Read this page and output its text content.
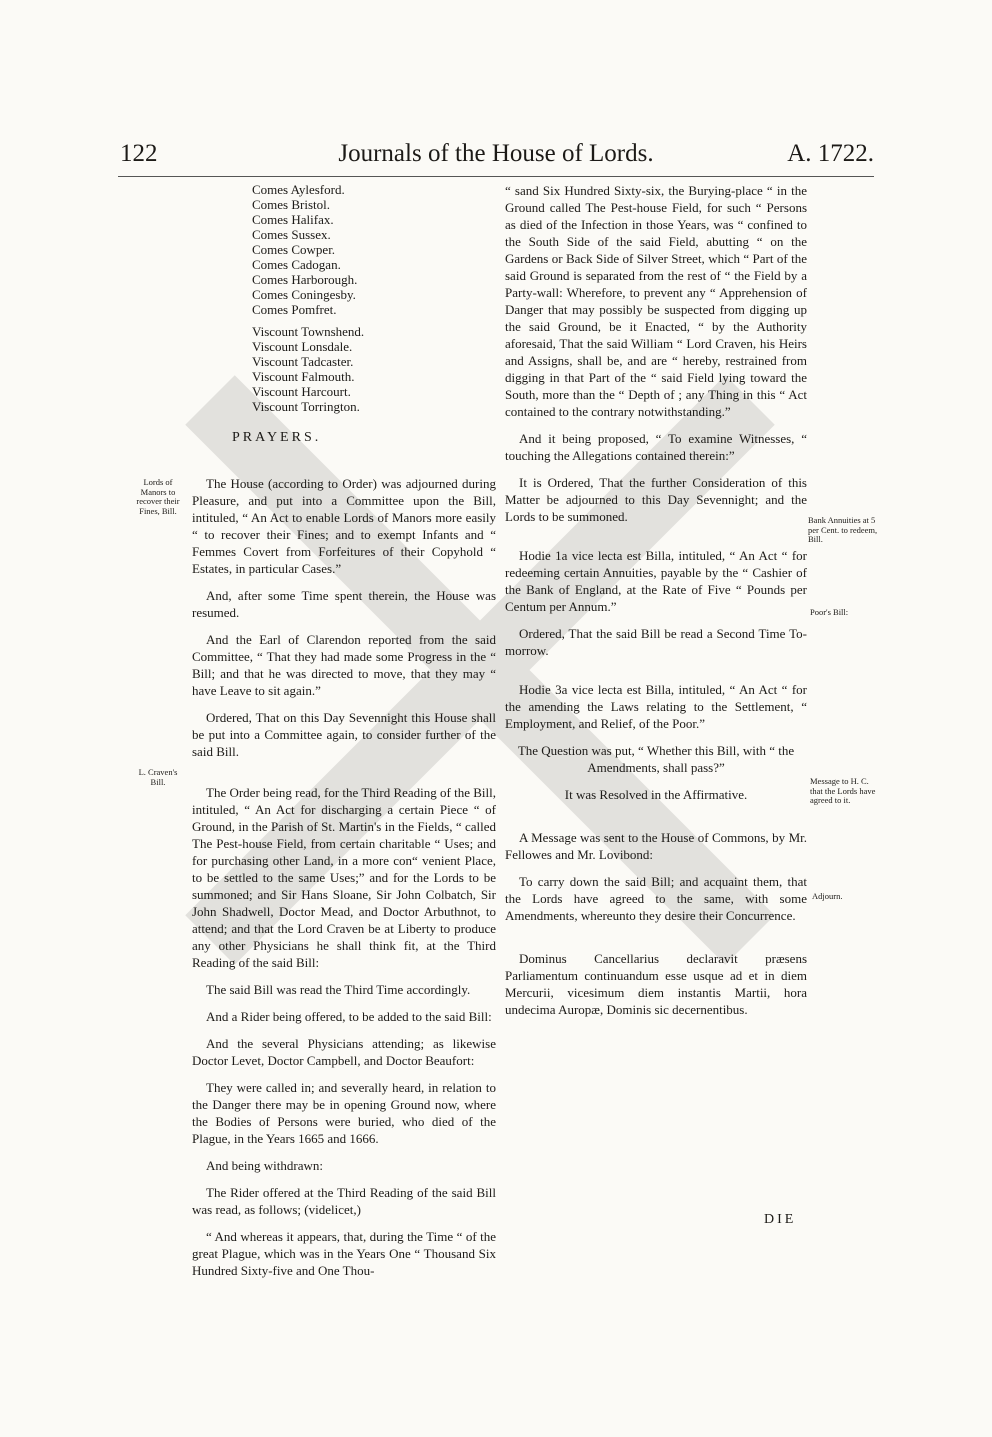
122	Journals of the House of Lords.	A. 1722.
Comes Aylesford.
Comes Bristol.
Comes Halifax.
Comes Sussex.
Comes Cowper.
Comes Cadogan.
Comes Harborough.
Comes Coningesby.
Comes Pomfret.
Viscount Townshend.
Viscount Lonsdale.
Viscount Tadcaster.
Viscount Falmouth.
Viscount Harcourt.
Viscount Torrington.
PRAYERS.
Lords of Manors to recover their Fines, Bill.
L. Craven's Bill.
Bank Annuities at 5 per Cent. to redeem, Bill.
Poor's Bill:
Message to H. C. that the Lords have agreed to it.
Adjourn.

The House (according to Order) was adjourned during Pleasure, and put into a Committee upon the Bill, intituled, “ An Act to enable Lords of Manors more easily “ to recover their Fines; and to exempt Infants and “ Femmes Covert from Forfeitures of their Copyhold “ Estates, in particular Cases.”

And, after some Time spent therein, the House was resumed.

And the Earl of Clarendon reported from the said Committee, “ That they had made some Progress in the “ Bill; and that he was directed to move, that they may “ have Leave to sit again.”

Ordered, That on this Day Sevennight this House shall be put into a Committee again, to consider further of the said Bill.

The Order being read, for the Third Reading of the Bill, intituled, “ An Act for discharging a certain Piece “ of Ground, in the Parish of St. Martin's in the Fields, “ called The Pest-house Field, from certain charitable “ Uses; and for purchasing other Land, in a more con“ venient Place, to be settled to the same Uses;” and for the Lords to be summoned; and Sir Hans Sloane, Sir John Colbatch, Sir John Shadwell, Doctor Mead, and Doctor Arbuthnot, to attend; and that the Lord Craven be at Liberty to produce any other Physicians he shall think fit, at the Third Reading of the said Bill:

The said Bill was read the Third Time accordingly.

And a Rider being offered, to be added to the said Bill:

And the several Physicians attending; as likewise Doctor Levet, Doctor Campbell, and Doctor Beaufort:

They were called in; and severally heard, in relation to the Danger there may be in opening Ground now, where the Bodies of Persons were buried, who died of the Plague, in the Years 1665 and 1666.

And being withdrawn:

The Rider offered at the Third Reading of the said Bill was read, as follows; (videlicet,)

“ And whereas it appears, that, during the Time “ of the great Plague, which was in the Years One “ Thousand Six Hundred Sixty-five and One Thou-

“ sand Six Hundred Sixty-six, the Burying-place “ in the Ground called The Pest-house Field, for such “ Persons as died of the Infection in those Years, was “ confined to the South Side of the said Field, abutting “ on the Gardens or Back Side of Silver Street, which “ Part of the said Ground is separated from the rest of “ the Field by a Party-wall: Wherefore, to prevent any “ Apprehension of Danger that may possibly be suspected from digging up the said Ground, be it Enacted, “ by the Authority aforesaid, That the said William “ Lord Craven, his Heirs and Assigns, shall be, and are “ hereby, restrained from digging in that Part of the “ said Field lying toward the South, more than the “ Depth of ; any Thing in this “ Act contained to the contrary notwithstanding.”

And it being proposed, “ To examine Witnesses, “ touching the Allegations contained therein:”

It is Ordered, That the further Consideration of this Matter be adjourned to this Day Sevennight; and the Lords to be summoned.

Hodie 1a vice lecta est Billa, intituled, “ An Act “ for redeeming certain Annuities, payable by the “ Cashier of the Bank of England, at the Rate of Five “ Pounds per Centum per Annum.”

Ordered, That the said Bill be read a Second Time To-morrow.

Hodie 3a vice lecta est Billa, intituled, “ An Act “ for the amending the Laws relating to the Settlement, “ Employment, and Relief, of the Poor.”

The Question was put, “ Whether this Bill, with “ the Amendments, shall pass?”

It was Resolved in the Affirmative.

A Message was sent to the House of Commons, by Mr. Fellowes and Mr. Lovibond:

To carry down the said Bill; and acquaint them, that the Lords have agreed to the same, with some Amendments, whereunto they desire their Concurrence.

Dominus Cancellarius declaravit præsens Parliamentum continuandum esse usque ad et in diem Mercurii, vicesimum diem instantis Martii, hora undecima Aurорæ, Dominis sic decernentibus.

DIE
